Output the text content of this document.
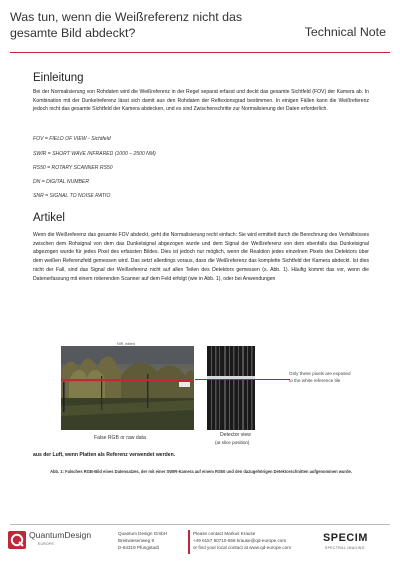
Was tun, wenn die Weißreferenz nicht das gesamte Bild abdeckt?	Technical Note
Einleitung
Bei der Normalisierung von Rohdaten wird die Weißreferenz in der Regel separat erfasst und deckt das gesamte Sichtfeld (FOV) der Kamera ab. In Kombination mit der Dunkelreferenz lässt sich damit aus den Rohdaten der Reflexionsgrad bestimmen. In einigen Fällen kann die Weißreferenz jedoch nicht das gesamte Sichtfeld der Kamera abdecken, und es sind Zwischenschritte zur Normalisierung der Daten erforderlich.
FOV = FIELD OF VIEW - Sichtfeld
SWIR = SHORT WAVE INFRARED (1000 – 2500 NM)
RS50 = ROTARY SCANNER RS50
DN = DIGITAL NUMBER
SNR = SIGNAL TO NOISE RATIO
Artikel
Wenn die Weißreferenz das gesamte FOV abdeckt, geht die Normalisierung recht einfach: Sie wird ermittelt durch die Berechnung des Verhältnisses zwischen dem Rohsignal von dem das Dunkelsignal abgezogen wurde und dem Signal der Weißreferenz von dem ebenfalls das Dunkelsignal abgezogen wurde für jedes Pixel des erfassten Bildes. Dies ist jedoch nur möglich, wenn die Reaktion jedes einzelnen Pixels des Detektors über dem weißen Referenzfeld gemessen wird. Das setzt allerdings voraus, dass die Weißreferenz das komplette Sichtfeld der Kamera abdeckt. Ist dies nicht der Fall, sind das Signal der Weißreferenz nicht auf allen Teilen des Detektors gemessen (s. Abb. 1). Häufig kommt das vor, wenn die Datenerfassung mit einem rotierenden Scanner auf dem Feld erfolgt (wie in Abb. 1), oder bei Anwendungen
NIR, edited
Only these pixels are exposed to the white reference tile
False RGB or raw data	Detector view
(at slice position)
aus der Luft, wenn Platten als Referenz verwendet werden.
Abb. 1: Falsches RGB-Bild eines Datensatzes, der mit einer SWIR-Kamera auf einem RS50 und den dazugehörigen Detektorschnitten aufgenommen wurde.
QuantumDesign
EUROPE
Quantum Design GmbH
Breitwiesenweg 9
D-64319 Pfungstadt
Please contact Markus Krause
+49 6157 80710-558 krause@qd-europe.com
or find your local contact at www.qd-europe.com
SPECIM
SPECTRAL IMAGING
